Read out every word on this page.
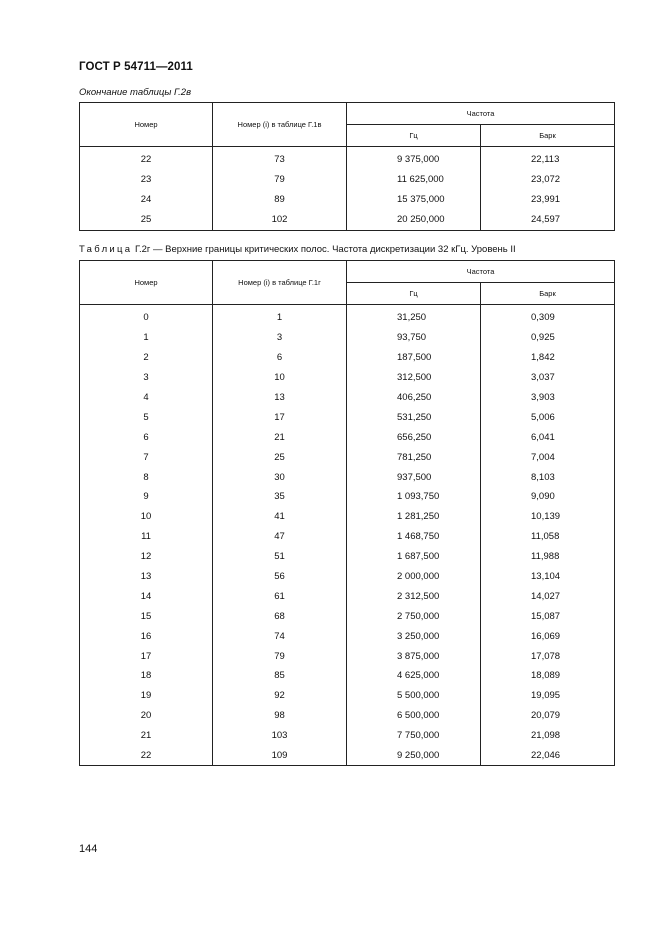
ГОСТ Р 54711—2011
Окончание таблицы Г.2в
Номер	Номер (i) в таблице Г.1в	Частота	
		Гц	Барк
22	73	9 375,000	22,113
23	79	11 625,000	23,072
24	89	15 375,000	23,991
25	102	20 250,000	24,597
Таблица Г.2г — Верхние границы критических полос. Частота дискретизации 32 кГц. Уровень II
Номер	Номер (i) в таблице Г.1г	Частота	
		Гц	Барк
0	1	31,250	0,309
1	3	93,750	0,925
2	6	187,500	1,842
3	10	312,500	3,037
4	13	406,250	3,903
5	17	531,250	5,006
6	21	656,250	6,041
7	25	781,250	7,004
8	30	937,500	8,103
9	35	1 093,750	9,090
10	41	1 281,250	10,139
11	47	1 468,750	11,058
12	51	1 687,500	11,988
13	56	2 000,000	13,104
14	61	2 312,500	14,027
15	68	2 750,000	15,087
16	74	3 250,000	16,069
17	79	3 875,000	17,078
18	85	4 625,000	18,089
19	92	5 500,000	19,095
20	98	6 500,000	20,079
21	103	7 750,000	21,098
22	109	9 250,000	22,046
144
